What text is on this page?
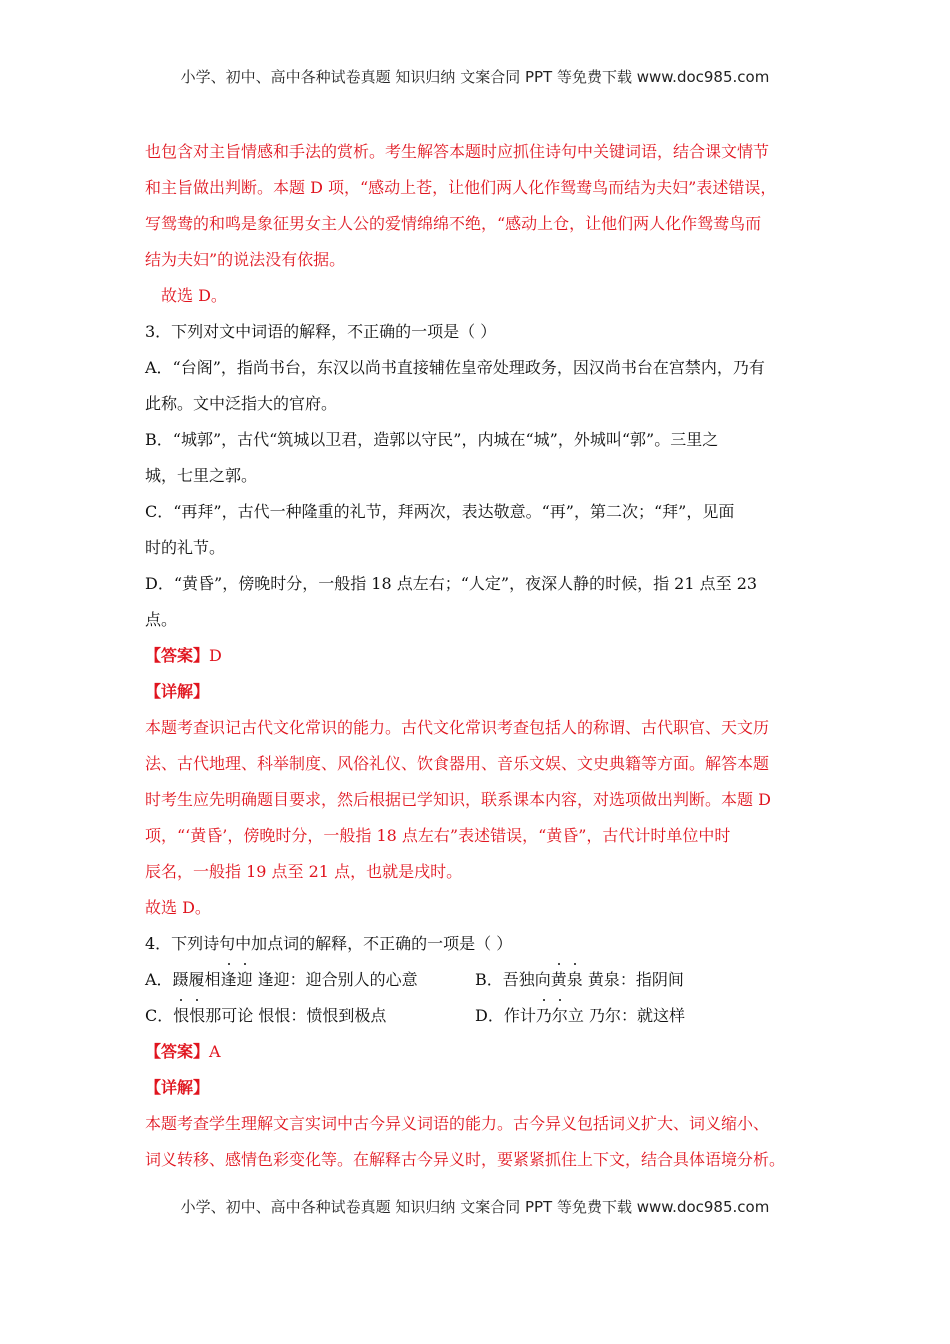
小学、初中、高中各种试卷真题 知识归纳 文案合同 PPT 等免费下载 www.doc985.com
也包含对主旨情感和手法的赏析。考生解答本题时应抓住诗句中关键词语，结合课文情节
和主旨做出判断。本题 D 项，“感动上苍，让他们两人化作鸳鸯鸟而结为夫妇”表述错误，
写鸳鸯的和鸣是象征男女主人公的爱情绵绵不绝，“感动上仓，让他们两人化作鸳鸯鸟而
结为夫妇”的说法没有依据。
故选 D。
3．下列对文中词语的解释，不正确的一项是（ ）
A．“台阁”，指尚书台，东汉以尚书直接辅佐皇帝处理政务，因汉尚书台在宫禁内，乃有
此称。文中泛指大的官府。
B．“城郭”，古代“筑城以卫君，造郭以守民”，内城在“城”，外城叫“郭”。三里之
城，七里之郭。
C．“再拜”，古代一种隆重的礼节，拜两次，表达敬意。“再”，第二次；“拜”，见面
时的礼节。
D．“黄昏”，傍晚时分，一般指 18 点左右；“人定”，夜深人静的时候，指 21 点至 23
点。
【答案】D
【详解】
本题考查识记古代文化常识的能力。古代文化常识考查包括人的称谓、古代职官、天文历
法、古代地理、科举制度、风俗礼仪、饮食器用、音乐文娱、文史典籍等方面。解答本题
时考生应先明确题目要求，然后根据已学知识，联系课本内容，对选项做出判断。本题 D
项，“‘黄昏’，傍晚时分，一般指 18 点左右”表述错误，“黄昏”，古代计时单位中时
辰名，一般指 19 点至 21 点，也就是戌时。
故选 D。
4．下列诗句中加点词的解释，不正确的一项是（ ）
A．蹑履相逢迎 逢迎：迎合别人的心意	B．吾独向黄泉 黄泉：指阴间
C．恨恨那可论 恨恨：愤恨到极点	D．作计乃尔立 乃尔：就这样
【答案】A
【详解】
本题考查学生理解文言实词中古今异义词语的能力。古今异义包括词义扩大、词义缩小、
词义转移、感情色彩变化等。在解释古今异义时，要紧紧抓住上下文，结合具体语境分析。
小学、初中、高中各种试卷真题 知识归纳 文案合同 PPT 等免费下载 www.doc985.com
